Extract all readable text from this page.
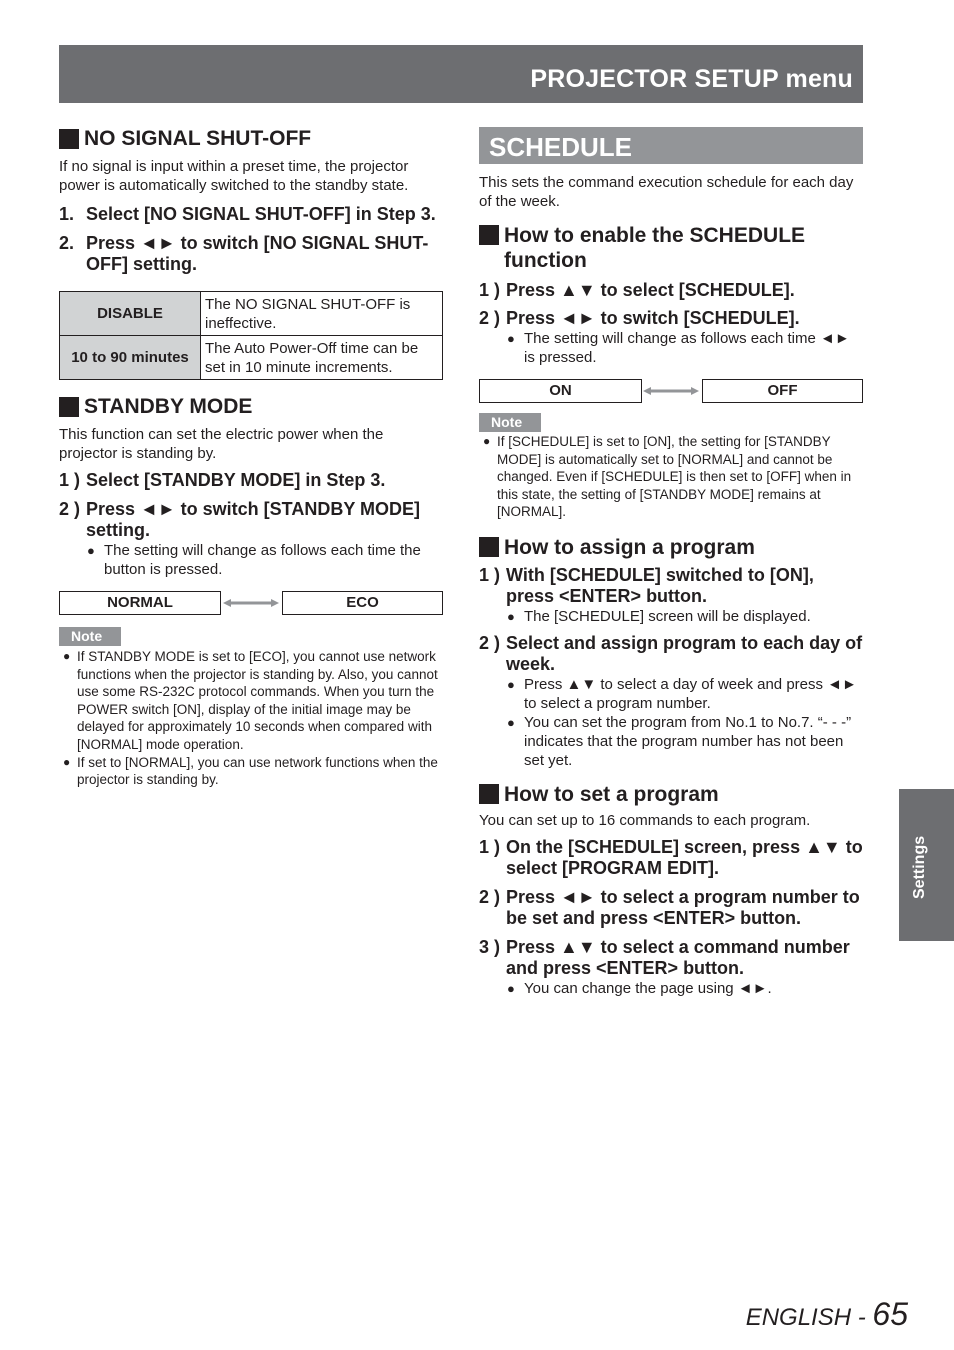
PROJECTOR SETUP menu
NO SIGNAL SHUT-OFF

If no signal is input within a preset time, the projector power is automatically switched to the standby state.

1. Select [NO SIGNAL SHUT-OFF] in Step 3.
2. Press ◄► to switch [NO SIGNAL SHUT-OFF] setting.
DISABLE	The NO SIGNAL SHUT-OFF is ineffective.
10 to 90 minutes	The Auto Power-Off time can be set in 10 minute increments.
STANDBY MODE

This function can set the electric power when the projector is standing by.

1 ) Select [STANDBY MODE] in Step 3.
2 ) Press ◄► to switch [STANDBY MODE] setting.
● The setting will change as follows each time the button is pressed.
NORMAL	ECO
Note
● If STANDBY MODE is set to [ECO], you cannot use network functions when the projector is standing by. Also, you cannot use some RS-232C protocol commands. When you turn the POWER switch [ON], display of the initial image may be delayed for approximately 10 seconds when compared with [NORMAL] mode operation.
● If set to [NORMAL], you can use network functions when the projector is standing by.
SCHEDULE

This sets the command execution schedule for each day of the week.

How to enable the SCHEDULE function
1 ) Press ▲▼ to select [SCHEDULE].
2 ) Press ◄► to switch [SCHEDULE].
● The setting will change as follows each time ◄► is pressed.
ON	OFF
Note
● If [SCHEDULE] is set to [ON], the setting for [STANDBY MODE] is automatically set to [NORMAL] and cannot be changed. Even if [SCHEDULE] is then set to [OFF] when in this state, the setting of [STANDBY MODE] remains at [NORMAL].
How to assign a program
1 ) With [SCHEDULE] switched to [ON], press <ENTER> button.
● The [SCHEDULE] screen will be displayed.
2 ) Select and assign program to each day of week.
● Press ▲▼ to select a day of week and press ◄► to select a program number.
● You can set the program from No.1 to No.7. “- - -” indicates that the program number has not been set yet.
How to set a program

You can set up to 16 commands to each program.

1 ) On the [SCHEDULE] screen, press ▲▼ to select [PROGRAM EDIT].
2 ) Press ◄► to select a program number to be set and press <ENTER> button.
3 ) Press ▲▼ to select a command number and press <ENTER> button.
● You can change the page using ◄►.
Settings
ENGLISH - 65
